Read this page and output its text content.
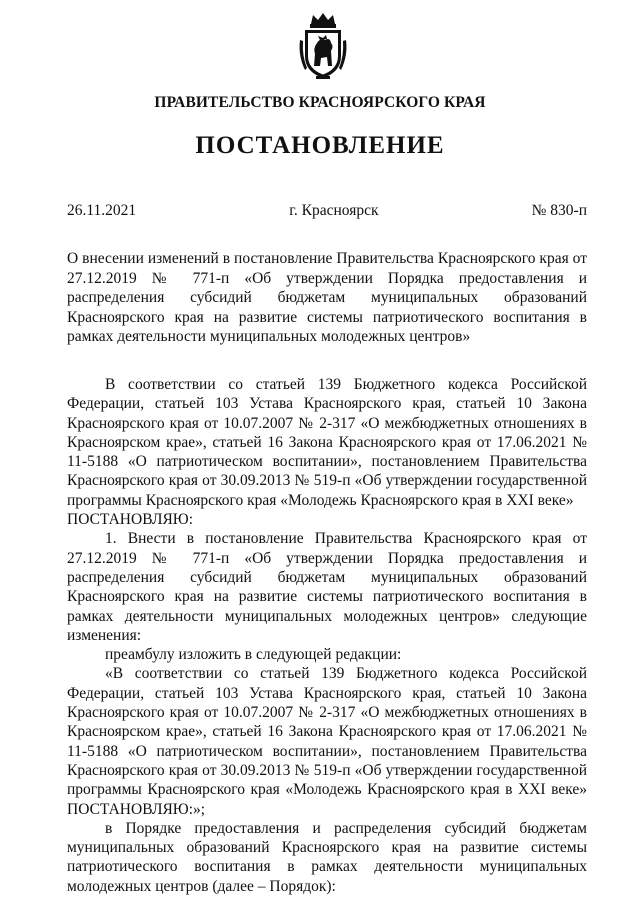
ПРАВИТЕЛЬСТВО КРАСНОЯРСКОГО КРАЯ
ПОСТАНОВЛЕНИЕ
26.11.2021	г. Красноярск	№ 830-п
О внесении изменений в постановление Правительства Красноярского края от 27.12.2019 № 771-п «Об утверждении Порядка предоставления и распределения субсидий бюджетам муниципальных образований Красноярского края на развитие системы патриотического воспитания в рамках деятельности муниципальных молодежных центров»

В соответствии со статьей 139 Бюджетного кодекса Российской Федерации, статьей 103 Устава Красноярского края, статьей 10 Закона Красноярского края от 10.07.2007 № 2-317 «О межбюджетных отношениях в Красноярском крае», статьей 16 Закона Красноярского края от 17.06.2021 № 11-5188 «О патриотическом воспитании», постановлением Правительства Красноярского края от 30.09.2013 № 519-п «Об утверждении государственной программы Красноярского края «Молодежь Красноярского края в XXI веке»

ПОСТАНОВЛЯЮ:

1. Внести в постановление Правительства Красноярского края от 27.12.2019 № 771-п «Об утверждении Порядка предоставления и распределения субсидий бюджетам муниципальных образований Красноярского края на развитие системы патриотического воспитания в рамках деятельности муниципальных молодежных центров» следующие изменения:

преамбулу изложить в следующей редакции:

«В соответствии со статьей 139 Бюджетного кодекса Российской Федерации, статьей 103 Устава Красноярского края, статьей 10 Закона Красноярского края от 10.07.2007 № 2-317 «О межбюджетных отношениях в Красноярском крае», статьей 16 Закона Красноярского края от 17.06.2021 № 11-5188 «О патриотическом воспитании», постановлением Правительства Красноярского края от 30.09.2013 № 519-п «Об утверждении государственной программы Красноярского края «Молодежь Красноярского края в XXI веке» ПОСТАНОВЛЯЮ:»;

в Порядке предоставления и распределения субсидий бюджетам муниципальных образований Красноярского края на развитие системы патриотического воспитания в рамках деятельности муниципальных молодежных центров (далее – Порядок):
